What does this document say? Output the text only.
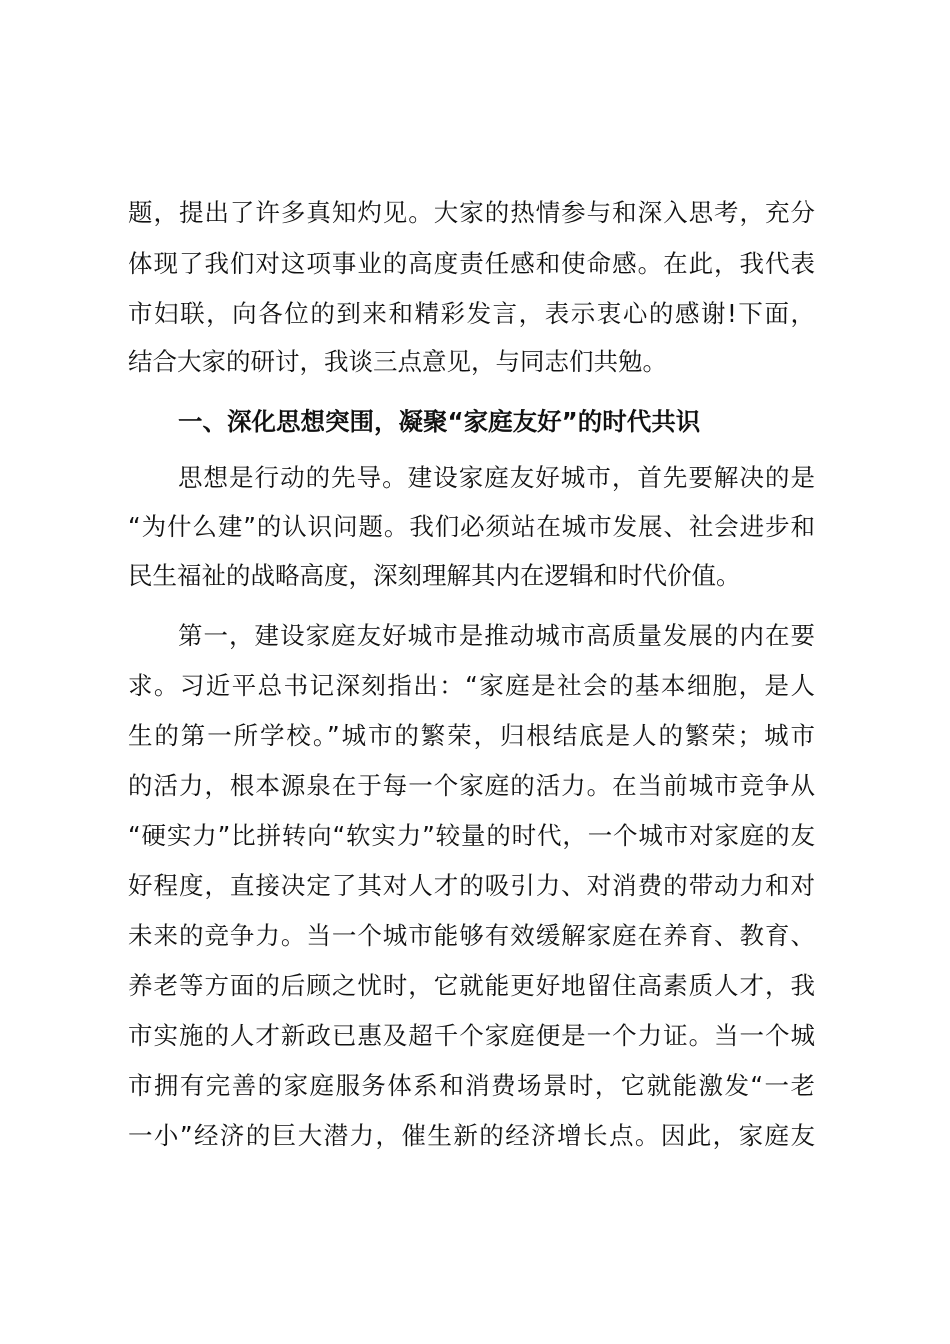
题，提出了许多真知灼见。大家的热情参与和深入思考，充分
体现了我们对这项事业的高度责任感和使命感。在此，我代表
市妇联，向各位的到来和精彩发言，表示衷心的感谢!下面，
结合大家的研讨，我谈三点意见，与同志们共勉。
一、深化思想突围，凝聚“家庭友好”的时代共识
思想是行动的先导。建设家庭友好城市，首先要解决的是
“为什么建”的认识问题。我们必须站在城市发展、社会进步和
民生福祉的战略高度，深刻理解其内在逻辑和时代价值。
第一，建设家庭友好城市是推动城市高质量发展的内在要
求。习近平总书记深刻指出：“家庭是社会的基本细胞，是人
生的第一所学校。”城市的繁荣，归根结底是人的繁荣；城市
的活力，根本源泉在于每一个家庭的活力。在当前城市竞争从
“硬实力”比拼转向“软实力”较量的时代，一个城市对家庭的友
好程度，直接决定了其对人才的吸引力、对消费的带动力和对
未来的竞争力。当一个城市能够有效缓解家庭在养育、教育、
养老等方面的后顾之忧时，它就能更好地留住高素质人才，我
市实施的人才新政已惠及超千个家庭便是一个力证。当一个城
市拥有完善的家庭服务体系和消费场景时，它就能激发“一老
一小”经济的巨大潜力，催生新的经济增长点。因此，家庭友
